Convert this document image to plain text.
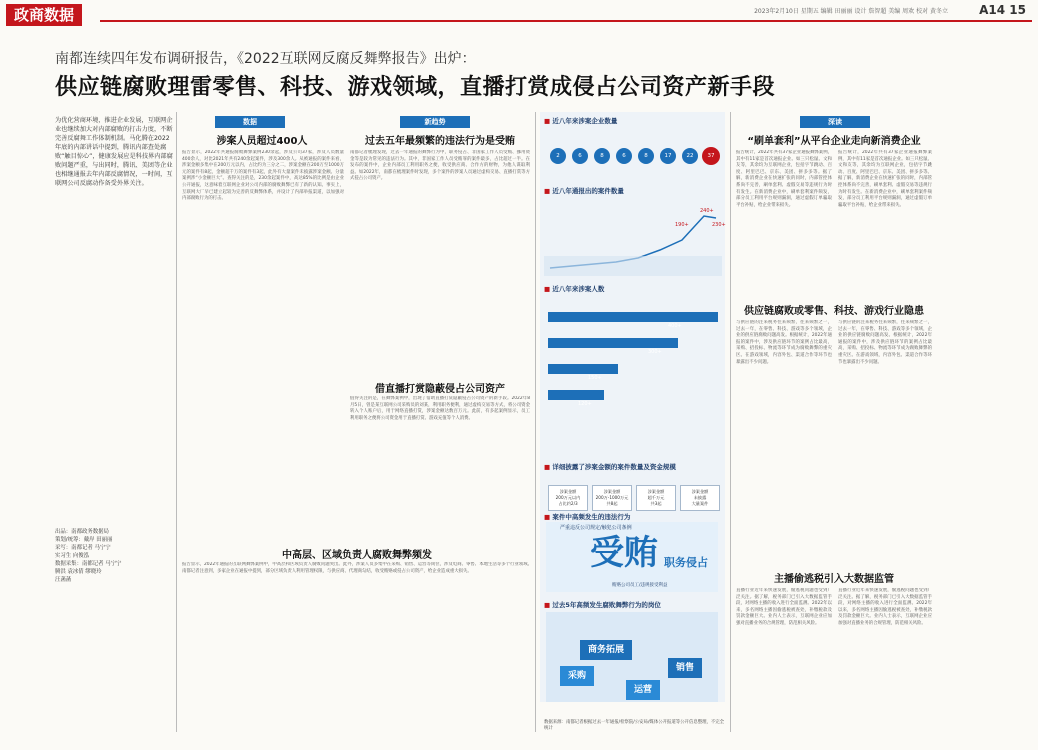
政商数据	2023年2月10日 星期五 编辑 田丽丽 设计 詹智超 美编 周欢 校对 黄冬立	A14 15
南都连续四年发布调研报告，《2022互联网反腐反舞弊报告》出炉：
供应链腐败理雷零售、科技、游戏领域，直播打赏成侵占公司资产新手段
为优化营商环境，推进企业发展，互联网企业也继续加大对内部腐败的打击力度，不断完善反腐舞工作体制机制。马化腾在2022年底的内部讲话中提到，腾讯内部查处腐败“触目惊心”，健康发展应是科技界内部腐败问题严重，与出同时，腾讯、美团等企业也相继通报去年内部反腐情况，一时间，互联网公司反腐动作备受外界关注。
出品：南都政务数据局
策划/统筹：戴岸 田丽丽
采写：南都记者 马宁宁
实习生 向俊泓
数据采集：南都记者 马宁宁
腾洪 袁冰倩 缪晓玲
汪菡菡
数据
涉案人员超过400人
报告显示，2022年共通报腐败舞弊案例230余起，涉及公司37家，涉及人员数量400余人，对比2021年共有240余起案件，涉及300余人。从被通报的案件来看，涉案金额多集中在200万元以内，占比约为三分之二，涉案金额在200万至1000万元的案件有8起，金额超千万的案件有3起，此外有大量案件未披露涉案金额。分量案例涉“小金额巨大”。查得关注的是，230余起案件中，高达85%的比例是由企业公开通报，这意味着互联网企业对公司内部的腐败舞弊已有了新的认知。事实上，互联网大厂早已建立起较为完善的反舞弊体系，并设计了内部举报渠道，以加强对内部腐败行为的打击。
新趋势
过去五年最频繁的违法行为是受贿
南都记者梳理发现，过去一年通报的舞弊行为中，职务侵占、非国家工作人员受贿、挪用资金等是较为常见的违法行为。其中，非国家工作人员受贿罪的案件最多，占比超过一半。在发布的案件中，企业内部员工利用职务之便，收受供应商、合作方的财物，为他人谋取利益。如2022年，南都在梳理案件时发现，多个案件的涉案人员通过虚构交易、直播打赏等方式侵占公司资产。
借直播打赏隐蔽侵占公司资产
值得关注的是，在舞弊案例中，出现了借助直播打赏隐蔽侵占公司资产的新手段。2022年8月5日，曾是某互联网公司采购员的刘某，利用职务便利，通过虚构交易等方式，将公司资金转入个人账户后，用于网络直播打赏，涉案金额达数百万元。此前，有多起案例显示，员工利用职务之便将公司资金用于直播打赏、游戏充值等个人消费。
中高层、区域负责人腐败舞弊频发
报告显示，2022年通报的互联网舞弊案例中，中高层和区域负责人腐败问题突出。此外，涉案人员多集中在采购、销售、运营等岗位，涉及电商、零售、本地生活等多个行业领域。南都记者注意到，多家企业在通报中提到，部分区域负责人利用管理权限，与供应商、代理商勾结，收受贿赂或侵占公司资产，给企业造成重大损失。
■ 近八年来涉案企业数量
2	6	8	6	8	17	22	37
■ 近八年通报出的案件数量
190+
240+
230+
■ 近八年来涉案人数
400+
300+
150+
120+
■ 详细披露了涉案金额的案件数量及资金规模
涉案金额
200万元以内
占比约2/3
涉案金额
200万-1000万元
共8起
涉案金额
超千万元
共3起
涉案金额
未披露
大量案件
■ 案件中高频发生的违法行为
严重违反公司规定/触犯公司条例
受贿 职务侵占
贿赂公司员工/违规接受利益
■ 过去5年高频发生腐败舞弊行为的岗位
商务拓展
采购
销售
运营
数据来源：南都记者根据过去一年通报/检察院/公安局/媒体公开报道等公开信息整理，不完全统计
深读
“刷单套利”从平台企业走向新消费企业
报告统计，2022年共有37家企业通报舞弊案例，其中有11家是首次通报企业。如三只松鼠、文和友等，其余均为互联网企业，包括字节跳动、百度、阿里巴巴、京东、美团、拼多多等。据了解，新消费企业在快速扩张的同时，内部管控体系尚不完善，刷单套利、虚假交易等违规行为时有发生。在新消费企业中，刷单套利案件频发，部分员工利用平台规则漏洞，通过虚假订单骗取平台补贴，给企业带来损失。
报告统计，2022年共有37家企业通报舞弊案例，其中有11家是首次通报企业。如三只松鼠、文和友等，其余均为互联网企业，包括字节跳动、百度、阿里巴巴、京东、美团、拼多多等。据了解，新消费企业在快速扩张的同时，内部管控体系尚不完善，刷单套利、虚假交易等违规行为时有发生。在新消费企业中，刷单套利案件频发，部分员工利用平台规则漏洞，通过虚假订单骗取平台补贴，给企业带来损失。
供应链腐败或零售、科技、游戏行业隐患
与供应链的注来税务往来频繁，往来频繁之一，过去一年，在零售、科技、游戏等多个领域，企业的供应链腐败问题高发。根据统计，2022年通报的案件中，涉及供应链环节的案例占比最高，采购、招投标、物流等环节成为腐败舞弊的重灾区。在游戏领域，内容外包、渠道合作等环节也暴露出不少问题。
与供应链的注来税务往来频繁，往来频繁之一，过去一年，在零售、科技、游戏等多个领域，企业的供应链腐败问题高发。根据统计，2022年通报的案件中，涉及供应链环节的案例占比最高，采购、招投标、物流等环节成为腐败舞弊的重灾区。在游戏领域，内容外包、渠道合作等环节也暴露出不少问题。
主播偷逃税引入大数据监管
直播行业近年来快速发展，偷逃税问题也受到广泛关注。据了解，税务部门已引入大数据监管手段，对网络主播的收入进行全面监测。2022年以来，多名网络主播因偷逃税被查处，补缴税款及罚款金额巨大。业内人士表示，互联网企业应加强对直播业务的合规管理，防范相关风险。
直播行业近年来快速发展，偷逃税问题也受到广泛关注。据了解，税务部门已引入大数据监管手段，对网络主播的收入进行全面监测。2022年以来，多名网络主播因偷逃税被查处，补缴税款及罚款金额巨大。业内人士表示，互联网企业应加强对直播业务的合规管理，防范相关风险。
